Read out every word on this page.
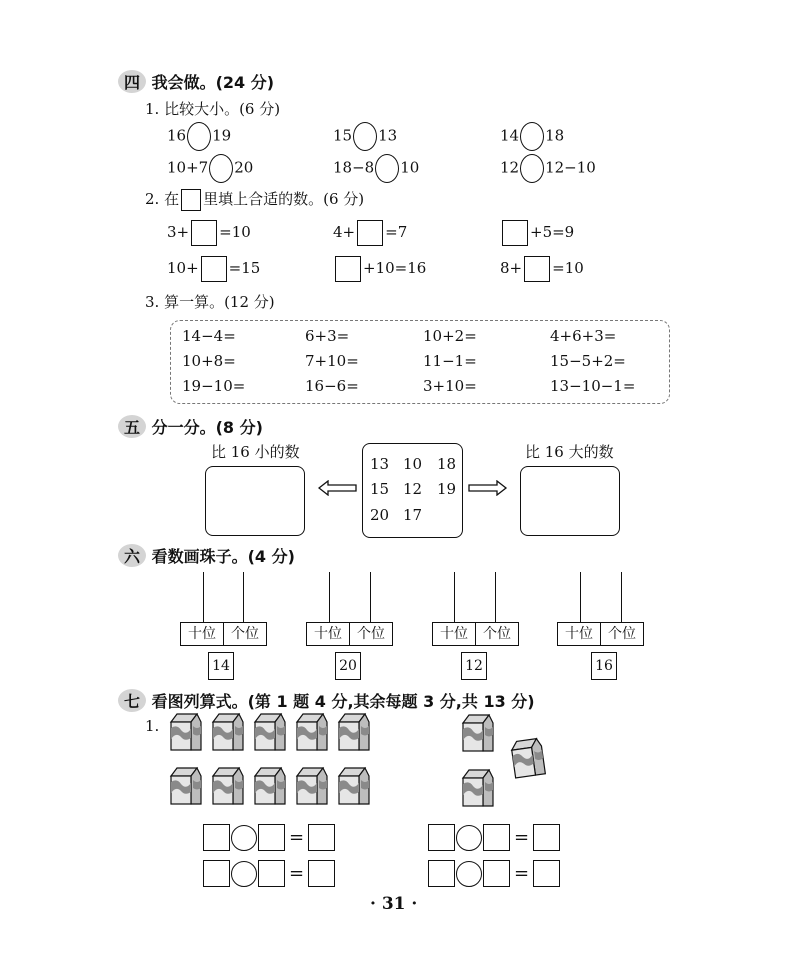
四 我会做。(24 分)
1. 比较大小。(6 分)
16 19	15 13	14 18
10+7 20	18−8 10	12 12−10
2. 在 里填上合适的数。(6 分)
3+ =10	4+ =7	+5=9
10+ =15	+10=16	8+ =10
3. 算一算。(12 分)
14−4=	6+3=	10+2=	4+6+3=
10+8=	7+10=	11−1=	15−5+2=
19−10=	16−6=	3+10=	13−10−1=
五 分一分。(8 分)
比 16 小的数	比 16 大的数
13 10 18
15 12 19
20 17
六 看数画珠子。(4 分)
十位	个位
14
十位	个位
20
十位	个位
12
十位	个位
16
七 看图列算式。(第 1 题 4 分,其余每题 3 分,共 13 分)
1.
=
=
=
=
· 31 ·
